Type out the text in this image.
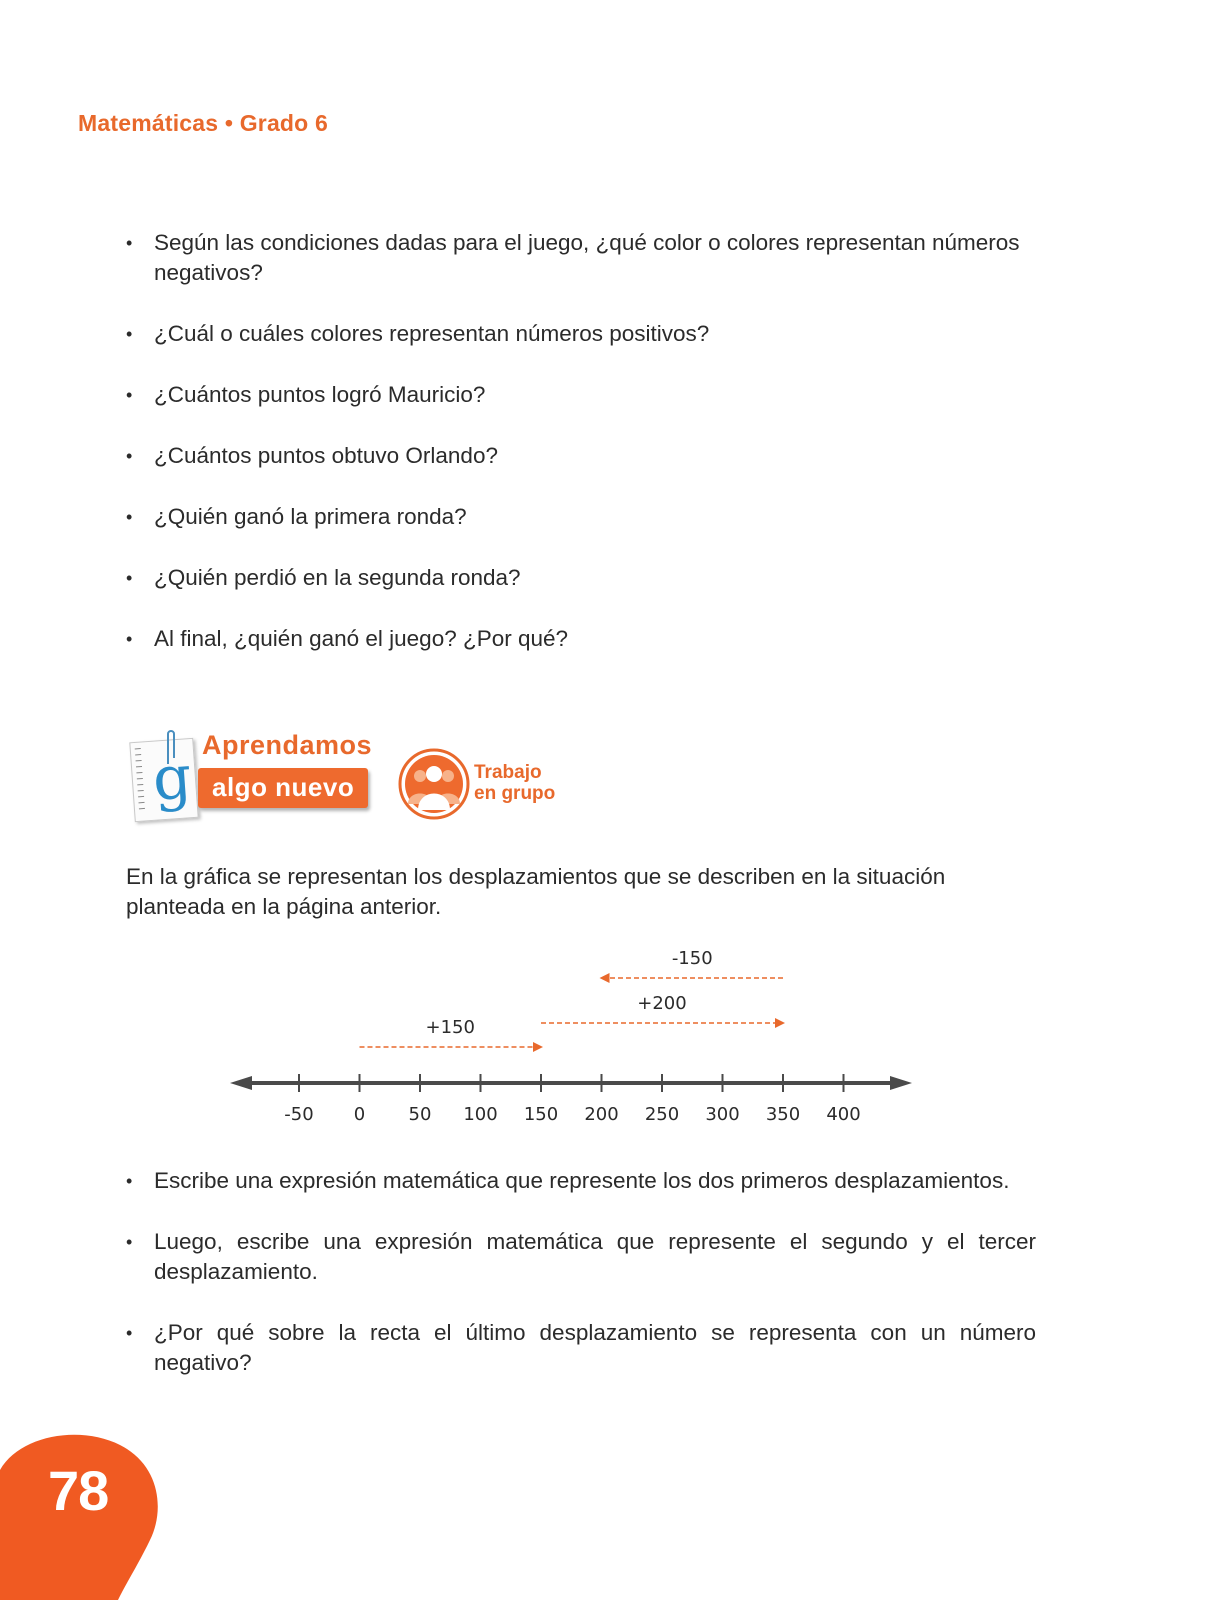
78
Matemáticas • Grado 6
• Según las condiciones dadas para el juego, ¿qué color o colores representan números negativos?
• ¿Cuál o cuáles colores representan números positivos?
• ¿Cuántos puntos logró Mauricio?
• ¿Cuántos puntos obtuvo Orlando?
• ¿Quién ganó la primera ronda?
• ¿Quién perdió en la segunda ronda?
• Al final, ¿quién ganó el juego? ¿Por qué?
g Aprendamos
algo nuevo	Trabajo
en grupo
En la gráfica se representan los desplazamientos que se describen en la situación planteada en la página anterior.
-50 0 50 100 150 200 250 300 350 400
+150
+200
-150
• Escribe una expresión matemática que represente los dos primeros desplazamientos.
• Luego, escribe una expresión matemática que represente el segundo y el tercer desplazamiento.
• ¿Por qué sobre la recta el último desplazamiento se representa con un número negativo?
